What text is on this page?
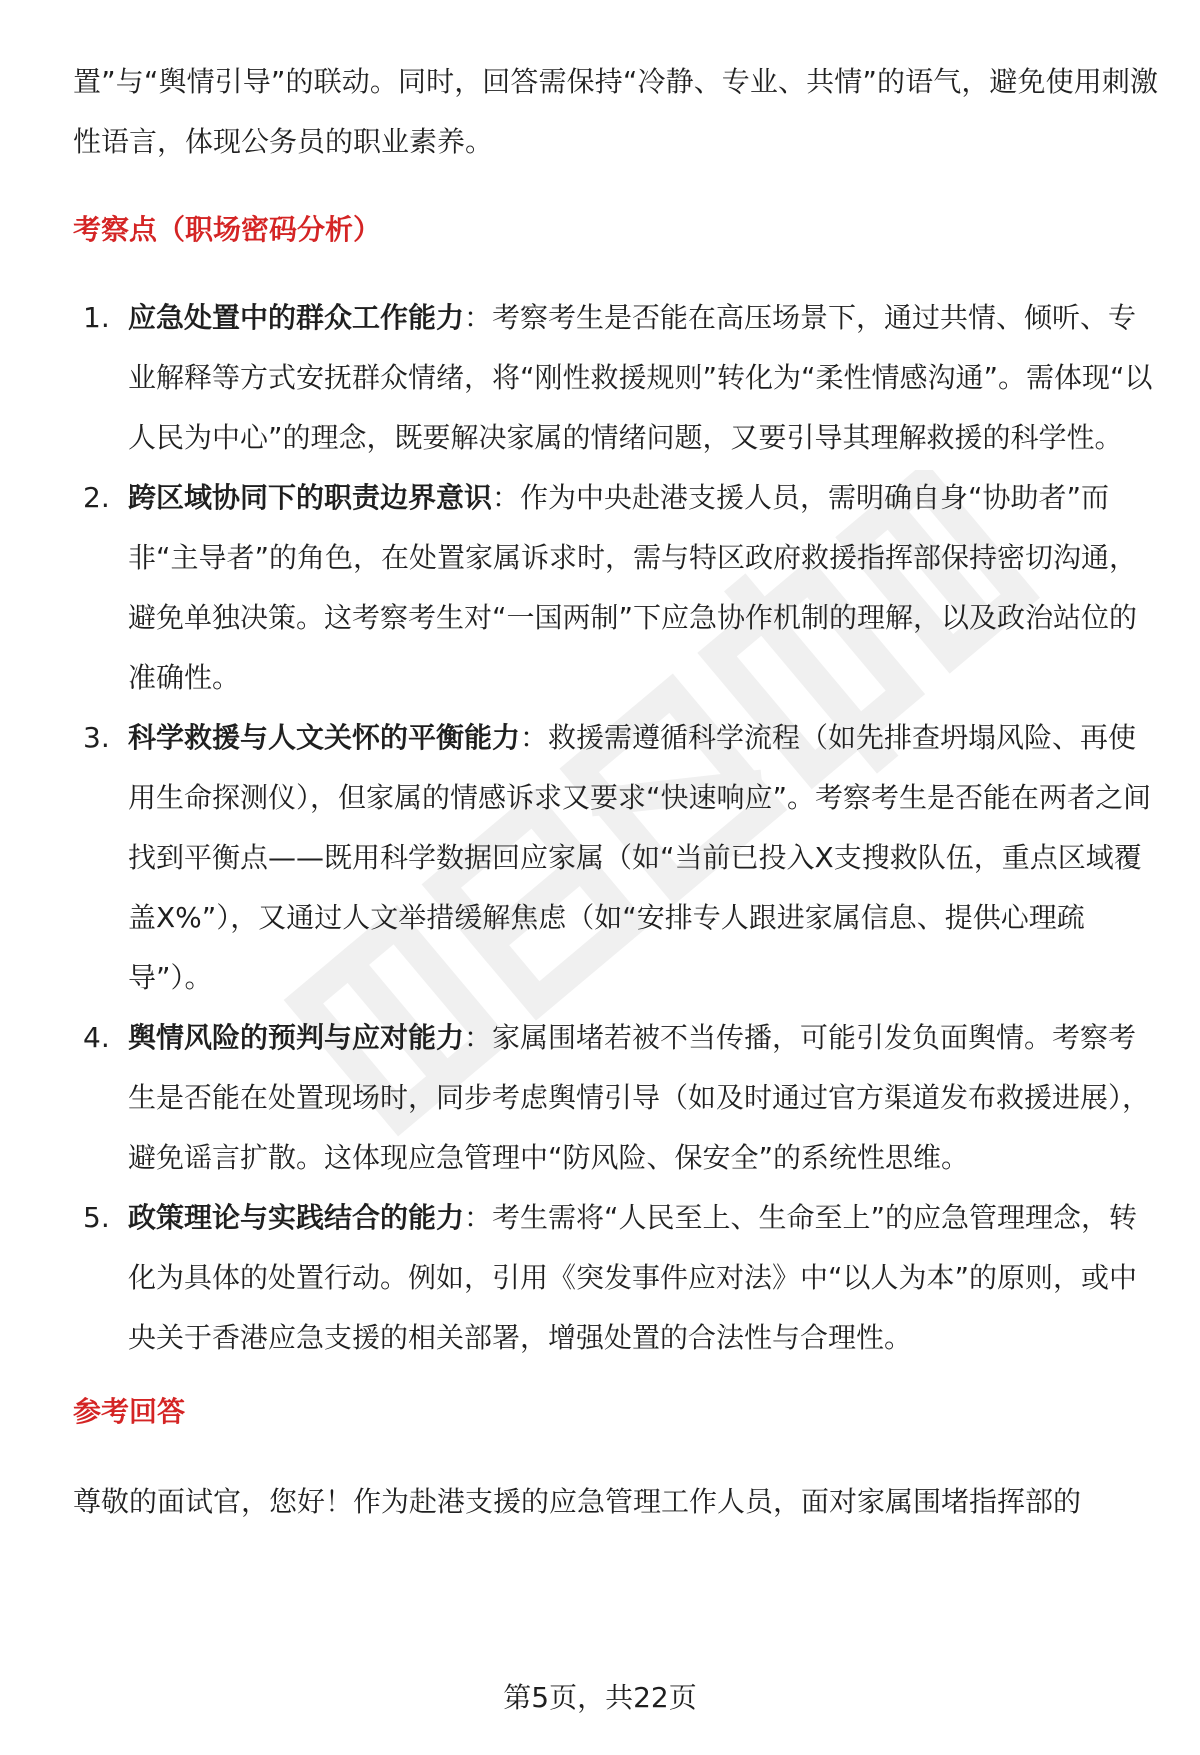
置”与“舆情引导”的联动。同时，回答需保持“冷静、专业、共情”的语气，避免使用刺激性语言，体现公务员的职业素养。

考察点（职场密码分析）
1. 应急处置中的群众工作能力：考察考生是否能在高压场景下，通过共情、倾听、专业解释等方式安抚群众情绪，将“刚性救援规则”转化为“柔性情感沟通”。需体现“以人民为中心”的理念，既要解决家属的情绪问题，又要引导其理解救援的科学性。
2. 跨区域协同下的职责边界意识：作为中央赴港支援人员，需明确自身“协助者”而非“主导者”的角色，在处置家属诉求时，需与特区政府救援指挥部保持密切沟通，避免单独决策。这考察考生对“一国两制”下应急协作机制的理解，以及政治站位的准确性。
3. 科学救援与人文关怀的平衡能力：救援需遵循科学流程（如先排查坍塌风险、再使用生命探测仪），但家属的情感诉求又要求“快速响应”。考察考生是否能在两者之间找到平衡点——既用科学数据回应家属（如“当前已投入X支搜救队伍，重点区域覆盖X%”），又通过人文举措缓解焦虑（如“安排专人跟进家属信息、提供心理疏导”）。
4. 舆情风险的预判与应对能力：家属围堵若被不当传播，可能引发负面舆情。考察考生是否能在处置现场时，同步考虑舆情引导（如及时通过官方渠道发布救援进展），避免谣言扩散。这体现应急管理中“防风险、保安全”的系统性思维。
5. 政策理论与实践结合的能力：考生需将“人民至上、生命至上”的应急管理理念，转化为具体的处置行动。例如，引用《突发事件应对法》中“以人为本”的原则，或中央关于香港应急支援的相关部署，增强处置的合法性与合理性。
参考回答

尊敬的面试官，您好！作为赴港支援的应急管理工作人员，面对家属围堵指挥部的

第5页，共22页
